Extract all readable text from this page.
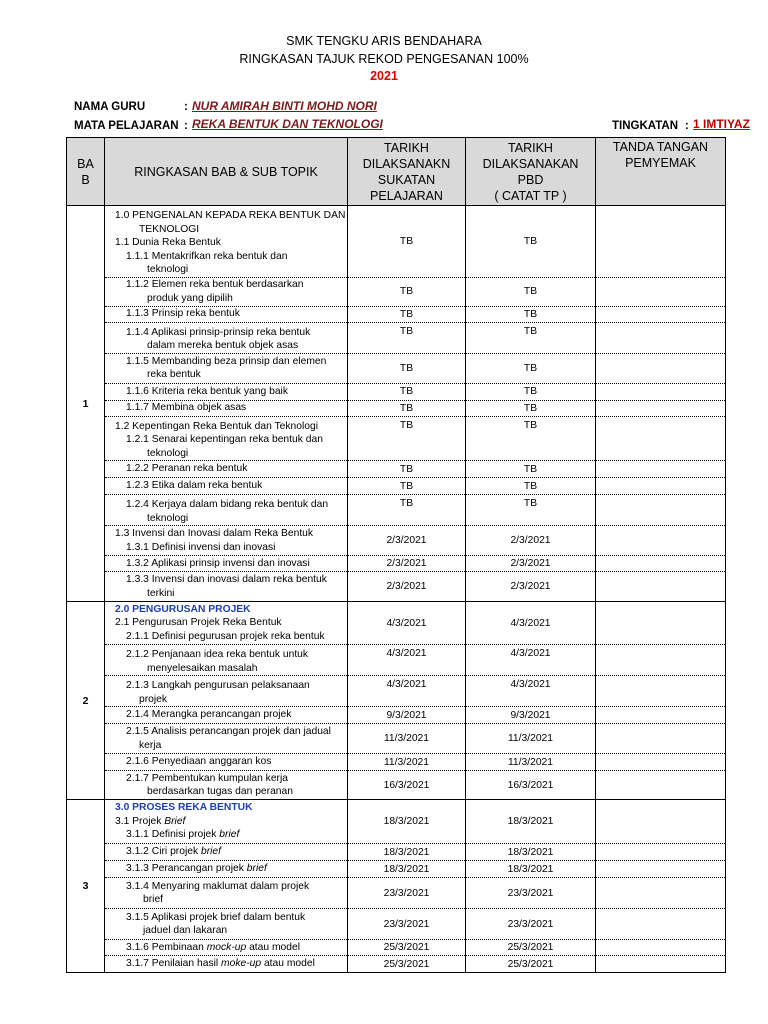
SMK TENGKU ARIS BENDAHARA
RINGKASAN TAJUK REKOD PENGESANAN 100%
2021
NAMA GURU	: NUR AMIRAH BINTI MOHD NORI
MATA PELAJARAN : REKA BENTUK DAN TEKNOLOGI	TINGKATAN : 1 IMTIYAZ
BA
B	RINGKASAN BAB & SUB TOPIK	TARIKH
DILAKSANAKN
SUKATAN
PELAJARAN	TARIKH
DILAKSANAKAN
PBD
( CATAT TP )	TANDA TANGAN
PEMYEMAK
1	1.0 PENGENALAN KEPADA REKA BENTUK DAN
TEKNOLOGI
1.1 Dunia Reka Bentuk
1.1.1 Mentakrifkan reka bentuk dan
teknologi	TB	TB	

	1.1.2 Elemen reka bentuk berdasarkan
produk yang dipilih	TB	TB	

	1.1.3 Prinsip reka bentuk	TB	TB	

	1.1.4 Aplikasi prinsip-prinsip reka bentuk
dalam mereka bentuk objek asas	TB	TB	

	1.1.5 Membanding beza prinsip dan elemen
reka bentuk	TB	TB	

	1.1.6 Kriteria reka bentuk yang baik	TB	TB	

	1.1.7 Membina objek asas	TB	TB	

	1.2 Kepentingan Reka Bentuk dan Teknologi
1.2.1 Senarai kepentingan reka bentuk dan
teknologi	TB	TB	

	1.2.2 Peranan reka bentuk	TB	TB	

	1.2.3 Etika dalam reka bentuk	TB	TB	

	1.2.4 Kerjaya dalam bidang reka bentuk dan
teknologi	TB	TB	

	1.3 Invensi dan Inovasi dalam Reka Bentuk
1.3.1 Definisi invensi dan inovasi	2/3/2021	2/3/2021	

	1.3.2 Aplikasi prinsip invensi dan inovasi	2/3/2021	2/3/2021	

	1.3.3 Invensi dan inovasi dalam reka bentuk
terkini	2/3/2021	2/3/2021	
2	2.0 PENGURUSAN PROJEK
2.1 Pengurusan Projek Reka Bentuk
2.1.1 Definisi pegurusan projek reka bentuk	4/3/2021	4/3/2021	

	2.1.2 Penjanaan idea reka bentuk untuk
menyelesaikan masalah	4/3/2021	4/3/2021	

	2.1.3 Langkah pengurusan pelaksanaan
projek	4/3/2021	4/3/2021	

	2.1.4 Merangka perancangan projek	9/3/2021	9/3/2021	

	2.1.5 Analisis perancangan projek dan jadual
kerja	11/3/2021	11/3/2021	

	2.1.6 Penyediaan anggaran kos	11/3/2021	11/3/2021	

	2.1.7 Pembentukan kumpulan kerja
berdasarkan tugas dan peranan	16/3/2021	16/3/2021	
3	3.0 PROSES REKA BENTUK
3.1 Projek Brief
3.1.1 Definisi projek brief	18/3/2021	18/3/2021	

	3.1.2 Ciri projek brief	18/3/2021	18/3/2021	

	3.1.3 Perancangan projek brief	18/3/2021	18/3/2021	

	3.1.4 Menyaring maklumat dalam projek
brief	23/3/2021	23/3/2021	

	3.1.5 Aplikasi projek brief dalam bentuk
jaduel dan lakaran	23/3/2021	23/3/2021	

	3.1.6 Pembinaan mock-up atau model	25/3/2021	25/3/2021	

	3.1.7 Penilaian hasil moke-up atau model	25/3/2021	25/3/2021	
